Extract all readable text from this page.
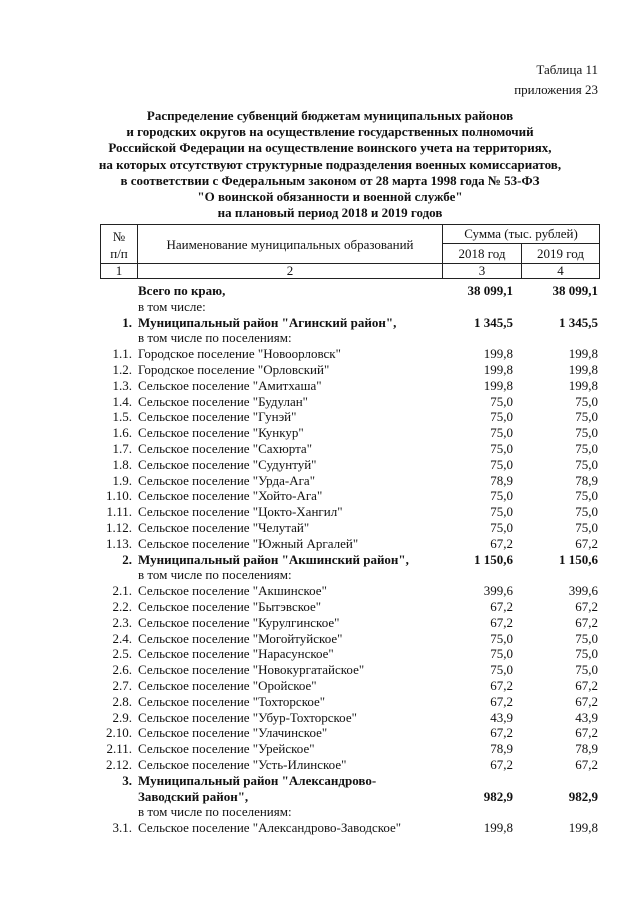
Таблица 11
приложения 23
Распределение субвенций бюджетам муниципальных районов
и городских округов на осуществление государственных полномочий
Российской Федерации на осуществление воинского учета на территориях,
на которых отсутствуют структурные подразделения военных комиссариатов,
в соответствии с Федеральным законом от 28 марта 1998 года № 53-ФЗ
"О воинской обязанности и военной службе"
на плановый период 2018 и 2019 годов
№
п/п
Наименование муниципальных образований
Сумма (тыс. рублей)
2018 год	2019 год
1	2	3	4
Всего по краю,	38 099,1	38 099,1
в том числе:
1. Муниципальный район "Агинский район",	1 345,5	1 345,5
в том числе по поселениям:
1.1. Городское поселение "Новоорловск"	199,8	199,8
1.2. Городское поселение "Орловский"	199,8	199,8
1.3. Сельское поселение "Амитхаша"	199,8	199,8
1.4. Сельское поселение "Будулан"	75,0	75,0
1.5. Сельское поселение "Гунэй"	75,0	75,0
1.6. Сельское поселение "Кункур"	75,0	75,0
1.7. Сельское поселение "Сахюрта"	75,0	75,0
1.8. Сельское поселение "Судунтуй"	75,0	75,0
1.9. Сельское поселение "Урда-Ага"	78,9	78,9
1.10. Сельское поселение "Хойто-Ага"	75,0	75,0
1.11. Сельское поселение "Цокто-Хангил"	75,0	75,0
1.12. Сельское поселение "Челутай"	75,0	75,0
1.13. Сельское поселение "Южный Аргалей"	67,2	67,2
2. Муниципальный район "Акшинский район",	1 150,6	1 150,6
в том числе по поселениям:
2.1. Сельское поселение "Акшинское"	399,6	399,6
2.2. Сельское поселение "Бытэвское"	67,2	67,2
2.3. Сельское поселение "Курулгинское"	67,2	67,2
2.4. Сельское поселение "Могойтуйское"	75,0	75,0
2.5. Сельское поселение "Нарасунское"	75,0	75,0
2.6. Сельское поселение "Новокургатайское"	75,0	75,0
2.7. Сельское поселение "Оройское"	67,2	67,2
2.8. Сельское поселение "Тохторское"	67,2	67,2
2.9. Сельское поселение "Убур-Тохторское"	43,9	43,9
2.10. Сельское поселение "Улачинское"	67,2	67,2
2.11. Сельское поселение "Урейское"	78,9	78,9
2.12. Сельское поселение "Усть-Илинское"	67,2	67,2
3. Муниципальный район "Александрово-
Заводский район",	982,9	982,9
в том числе по поселениям:
3.1. Сельское поселение "Александрово-Заводское"	199,8	199,8
